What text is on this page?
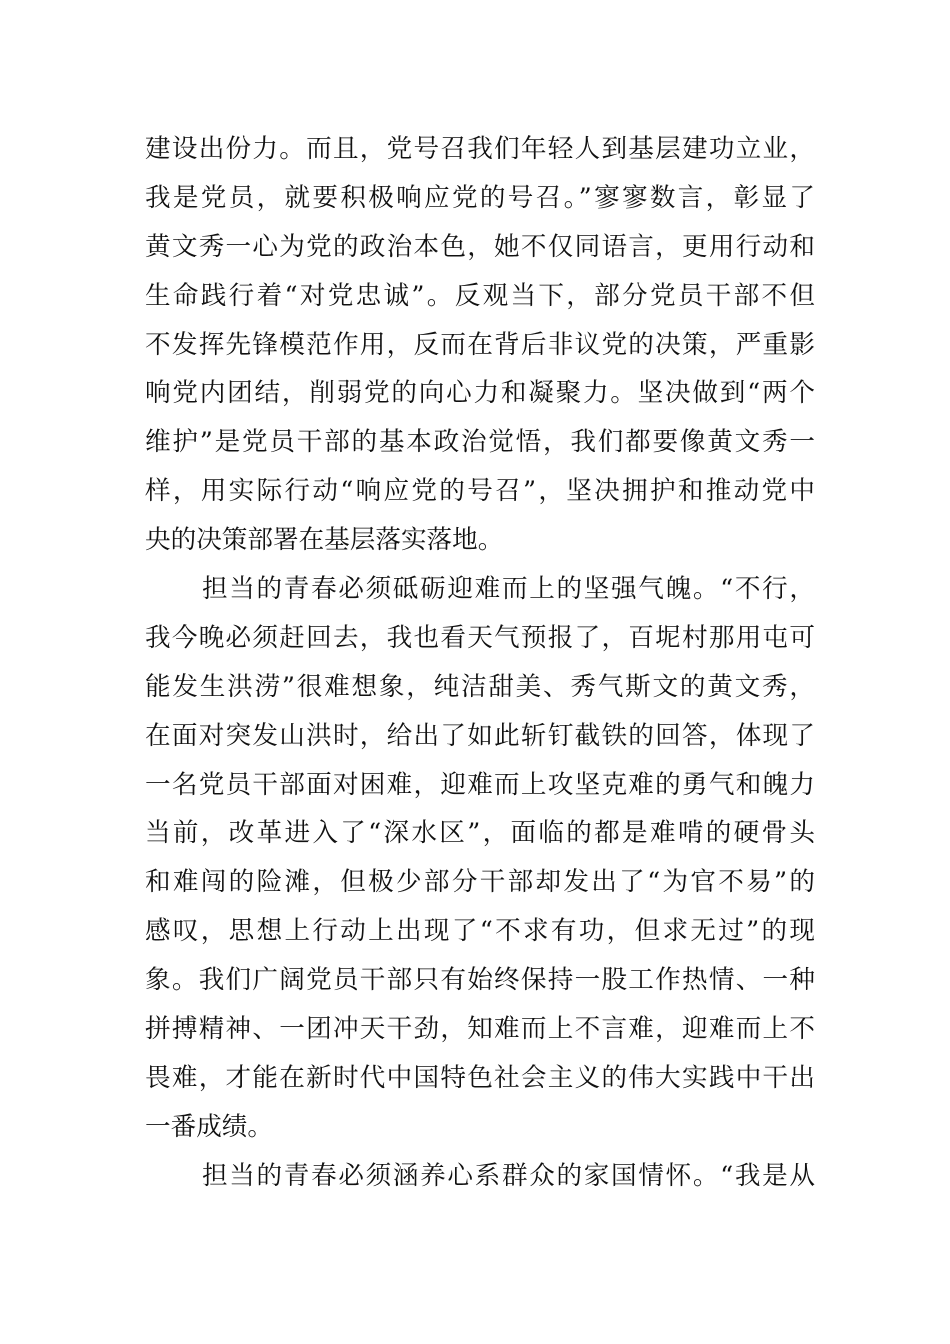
建设出份力。而且，党号召我们年轻人到基层建功立业，
我是党员，就要积极响应党的号召。”寥寥数言，彰显了
黄文秀一心为党的政治本色，她不仅同语言，更用行动和
生命践行着“对党忠诚”。反观当下，部分党员干部不但
不发挥先锋模范作用，反而在背后非议党的决策，严重影
响党内团结，削弱党的向心力和凝聚力。坚决做到“两个
维护”是党员干部的基本政治觉悟，我们都要像黄文秀一
样，用实际行动“响应党的号召”，坚决拥护和推动党中
央的决策部署在基层落实落地。
担当的青春必须砥砺迎难而上的坚强气魄。“不行，
我今晚必须赶回去，我也看天气预报了，百坭村那用屯可
能发生洪涝”很难想象，纯洁甜美、秀气斯文的黄文秀，
在面对突发山洪时，给出了如此斩钉截铁的回答，体现了
一名党员干部面对困难，迎难而上攻坚克难的勇气和魄力
当前，改革进入了“深水区”，面临的都是难啃的硬骨头
和难闯的险滩，但极少部分干部却发出了“为官不易”的
感叹，思想上行动上出现了“不求有功，但求无过”的现
象。我们广阔党员干部只有始终保持一股工作热情、一种
拼搏精神、一团冲天干劲，知难而上不言难，迎难而上不
畏难，才能在新时代中国特色社会主义的伟大实践中干出
一番成绩。
担当的青春必须涵养心系群众的家国情怀。“我是从
